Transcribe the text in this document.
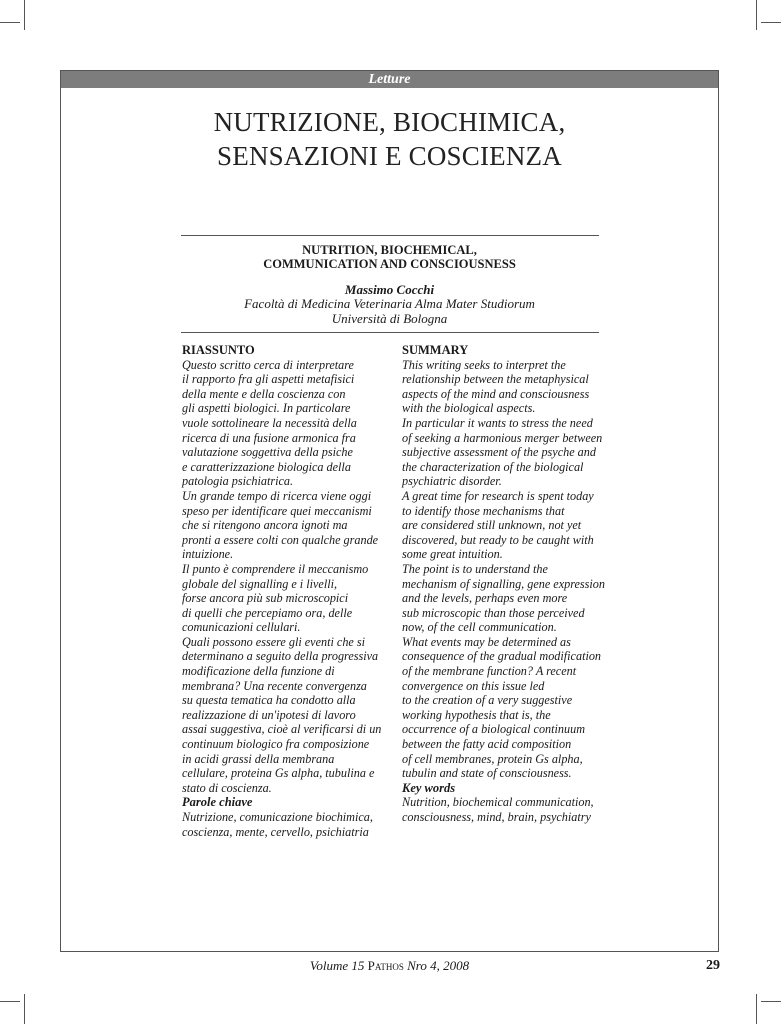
Letture
NUTRIZIONE, BIOCHIMICA,
SENSAZIONI E COSCIENZA
NUTRITION, BIOCHEMICAL,
COMMUNICATION AND CONSCIOUSNESS
Massimo Cocchi
Facoltà di Medicina Veterinaria Alma Mater Studiorum
Università di Bologna
RIASSUNTO
Questo scritto cerca di interpretare
il rapporto fra gli aspetti metafisici
della mente e della coscienza con
gli aspetti biologici. In particolare
vuole sottolineare la necessità della
ricerca di una fusione armonica fra
valutazione soggettiva della psiche
e caratterizzazione biologica della
patologia psichiatrica.
Un grande tempo di ricerca viene oggi
speso per identificare quei meccanismi
che si ritengono ancora ignoti ma
pronti a essere colti con qualche grande
intuizione.
Il punto è comprendere il meccanismo
globale del signalling e i livelli,
forse ancora più sub microscopici
di quelli che percepiamo ora, delle
comunicazioni cellulari.
Quali possono essere gli eventi che si
determinano a seguito della progressiva
modificazione della funzione di
membrana? Una recente convergenza
su questa tematica ha condotto alla
realizzazione di un'ipotesi di lavoro
assai suggestiva, cioè al verificarsi di un
continuum biologico fra composizione
in acidi grassi della membrana
cellulare, proteina Gs alpha, tubulina e
stato di coscienza.
Parole chiave
Nutrizione, comunicazione biochimica,
coscienza, mente, cervello, psichiatria
SUMMARY
This writing seeks to interpret the
relationship between the metaphysical
aspects of the mind and consciousness
with the biological aspects.
In particular it wants to stress the need
of seeking a harmonious merger between
subjective assessment of the psyche and
the characterization of the biological
psychiatric disorder.
A great time for research is spent today
to identify those mechanisms that
are considered still unknown, not yet
discovered, but ready to be caught with
some great intuition.
The point is to understand the
mechanism of signalling, gene expression
and the levels, perhaps even more
sub microscopic than those perceived
now, of the cell communication.
What events may be determined as
consequence of the gradual modification
of the membrane function? A recent
convergence on this issue led
to the creation of a very suggestive
working hypothesis that is, the
occurrence of a biological continuum
between the fatty acid composition
of cell membranes, protein Gs alpha,
tubulin and state of consciousness.
Key words
Nutrition, biochemical communication,
consciousness, mind, brain, psychiatry
Volume 15 Pathos Nro 4, 2008	29
